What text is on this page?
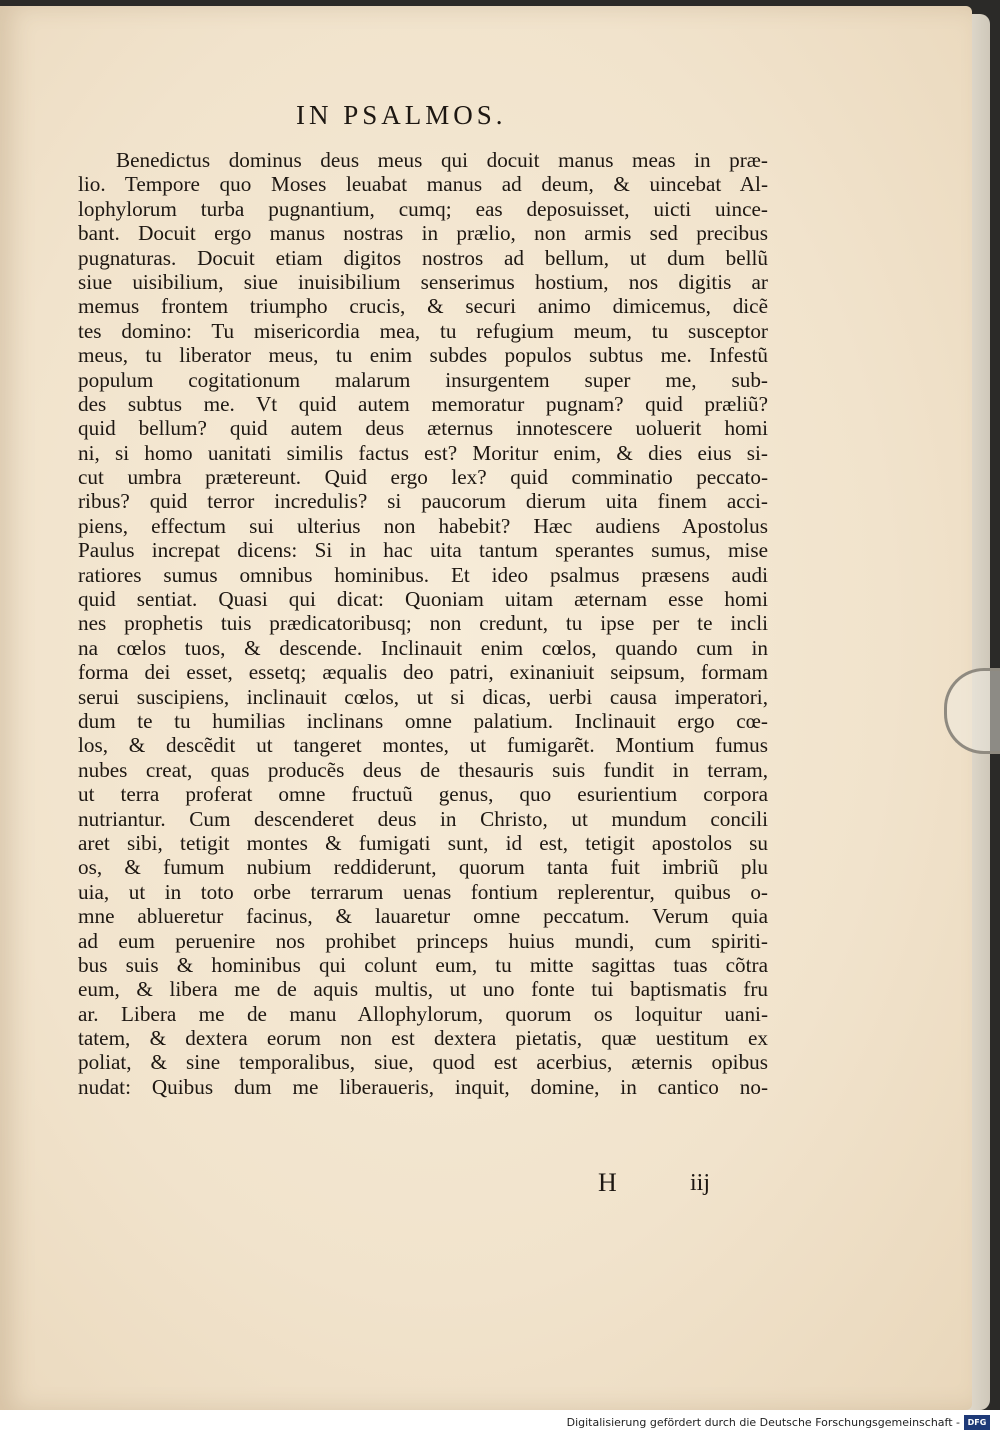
IN PSALMOS.
Benedictus dominus deus meus qui docuit manus meas in præ-
lio. Tempore quo Moses leuabat manus ad deum, & uincebat Al-
lophylorum turba pugnantium, cumq; eas deposuisset, uicti uince-
bant. Docuit ergo manus nostras in prælio, non armis sed precibus
pugnaturas. Docuit etiam digitos nostros ad bellum, ut dum bellũ
siue uisibilium, siue inuisibilium senserimus hostium, nos digitis ar
memus frontem triumpho crucis, & securi animo dimicemus, dicẽ
tes domino: Tu misericordia mea, tu refugium meum, tu susceptor
meus, tu liberator meus, tu enim subdes populos subtus me. Infestũ
populum cogitationum malarum insurgentem super me, sub-
des subtus me. Vt quid autem memoratur pugnam? quid præliũ?
quid bellum? quid autem deus æternus innotescere uoluerit homi
ni, si homo uanitati similis factus est? Moritur enim, & dies eius si-
cut umbra prætereunt. Quid ergo lex? quid comminatio peccato-
ribus? quid terror incredulis? si paucorum dierum uita finem acci-
piens, effectum sui ulterius non habebit? Hæc audiens Apostolus
Paulus increpat dicens: Si in hac uita tantum sperantes sumus, mise
ratiores sumus omnibus hominibus. Et ideo psalmus præsens audi
quid sentiat. Quasi qui dicat: Quoniam uitam æternam esse homi
nes prophetis tuis prædicatoribusq; non credunt, tu ipse per te incli
na cœlos tuos, & descende. Inclinauit enim cœlos, quando cum in
forma dei esset, essetq; æqualis deo patri, exinaniuit seipsum, formam
serui suscipiens, inclinauit cœlos, ut si dicas, uerbi causa imperatori,
dum te tu humilias inclinans omne palatium. Inclinauit ergo cœ-
los, & descẽdit ut tangeret montes, ut fumigarẽt. Montium fumus
nubes creat, quas producẽs deus de thesauris suis fundit in terram,
ut terra proferat omne fructuũ genus, quo esurientium corpora
nutriantur. Cum descenderet deus in Christo, ut mundum concili
aret sibi, tetigit montes & fumigati sunt, id est, tetigit apostolos su
os, & fumum nubium reddiderunt, quorum tanta fuit imbriũ plu
uia, ut in toto orbe terrarum uenas fontium replerentur, quibus o-
mne ablueretur facinus, & lauaretur omne peccatum. Verum quia
ad eum peruenire nos prohibet princeps huius mundi, cum spiriti-
bus suis & hominibus qui colunt eum, tu mitte sagittas tuas cõtra
eum, & libera me de aquis multis, ut uno fonte tui baptismatis fru
ar. Libera me de manu Allophylorum, quorum os loquitur uani-
tatem, & dextera eorum non est dextera pietatis, quæ uestitum ex
poliat, & sine temporalibus, siue, quod est acerbius, æternis opibus
nudat: Quibus dum me liberaueris, inquit, domine, in cantico no-
H	iij
Digitalisierung gefördert durch die Deutsche Forschungsgemeinschaft - DFG
